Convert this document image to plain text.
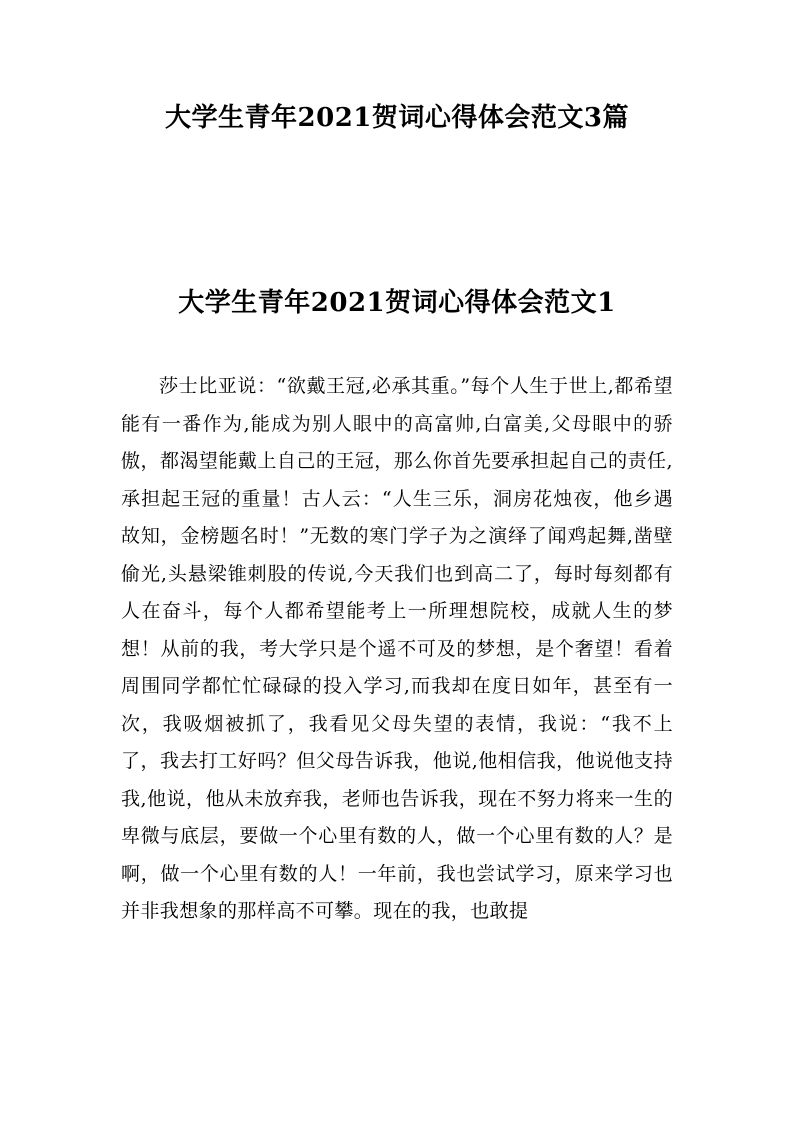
大学生青年2021贺词心得体会范文3篇
大学生青年2021贺词心得体会范文1

莎士比亚说：“欲戴王冠,必承其重。”每个人生于世上,都希望能有一番作为,能成为别人眼中的高富帅,白富美,父母眼中的骄傲，都渴望能戴上自己的王冠，那么你首先要承担起自己的责任,承担起王冠的重量！古人云：“人生三乐，洞房花烛夜，他乡遇故知，金榜题名时！”无数的寒门学子为之演绎了闻鸡起舞,凿壁偷光,头悬梁锥刺股的传说,今天我们也到高二了，每时每刻都有人在奋斗，每个人都希望能考上一所理想院校，成就人生的梦想！从前的我，考大学只是个遥不可及的梦想，是个奢望！看着周围同学都忙忙碌碌的投入学习,而我却在度日如年，甚至有一次，我吸烟被抓了，我看见父母失望的表情，我说：“我不上了，我去打工好吗？但父母告诉我，他说,他相信我，他说他支持我,他说，他从未放弃我，老师也告诉我，现在不努力将来一生的卑微与底层，要做一个心里有数的人，做一个心里有数的人？是啊，做一个心里有数的人！一年前，我也尝试学习，原来学习也并非我想象的那样高不可攀。现在的我，也敢提
